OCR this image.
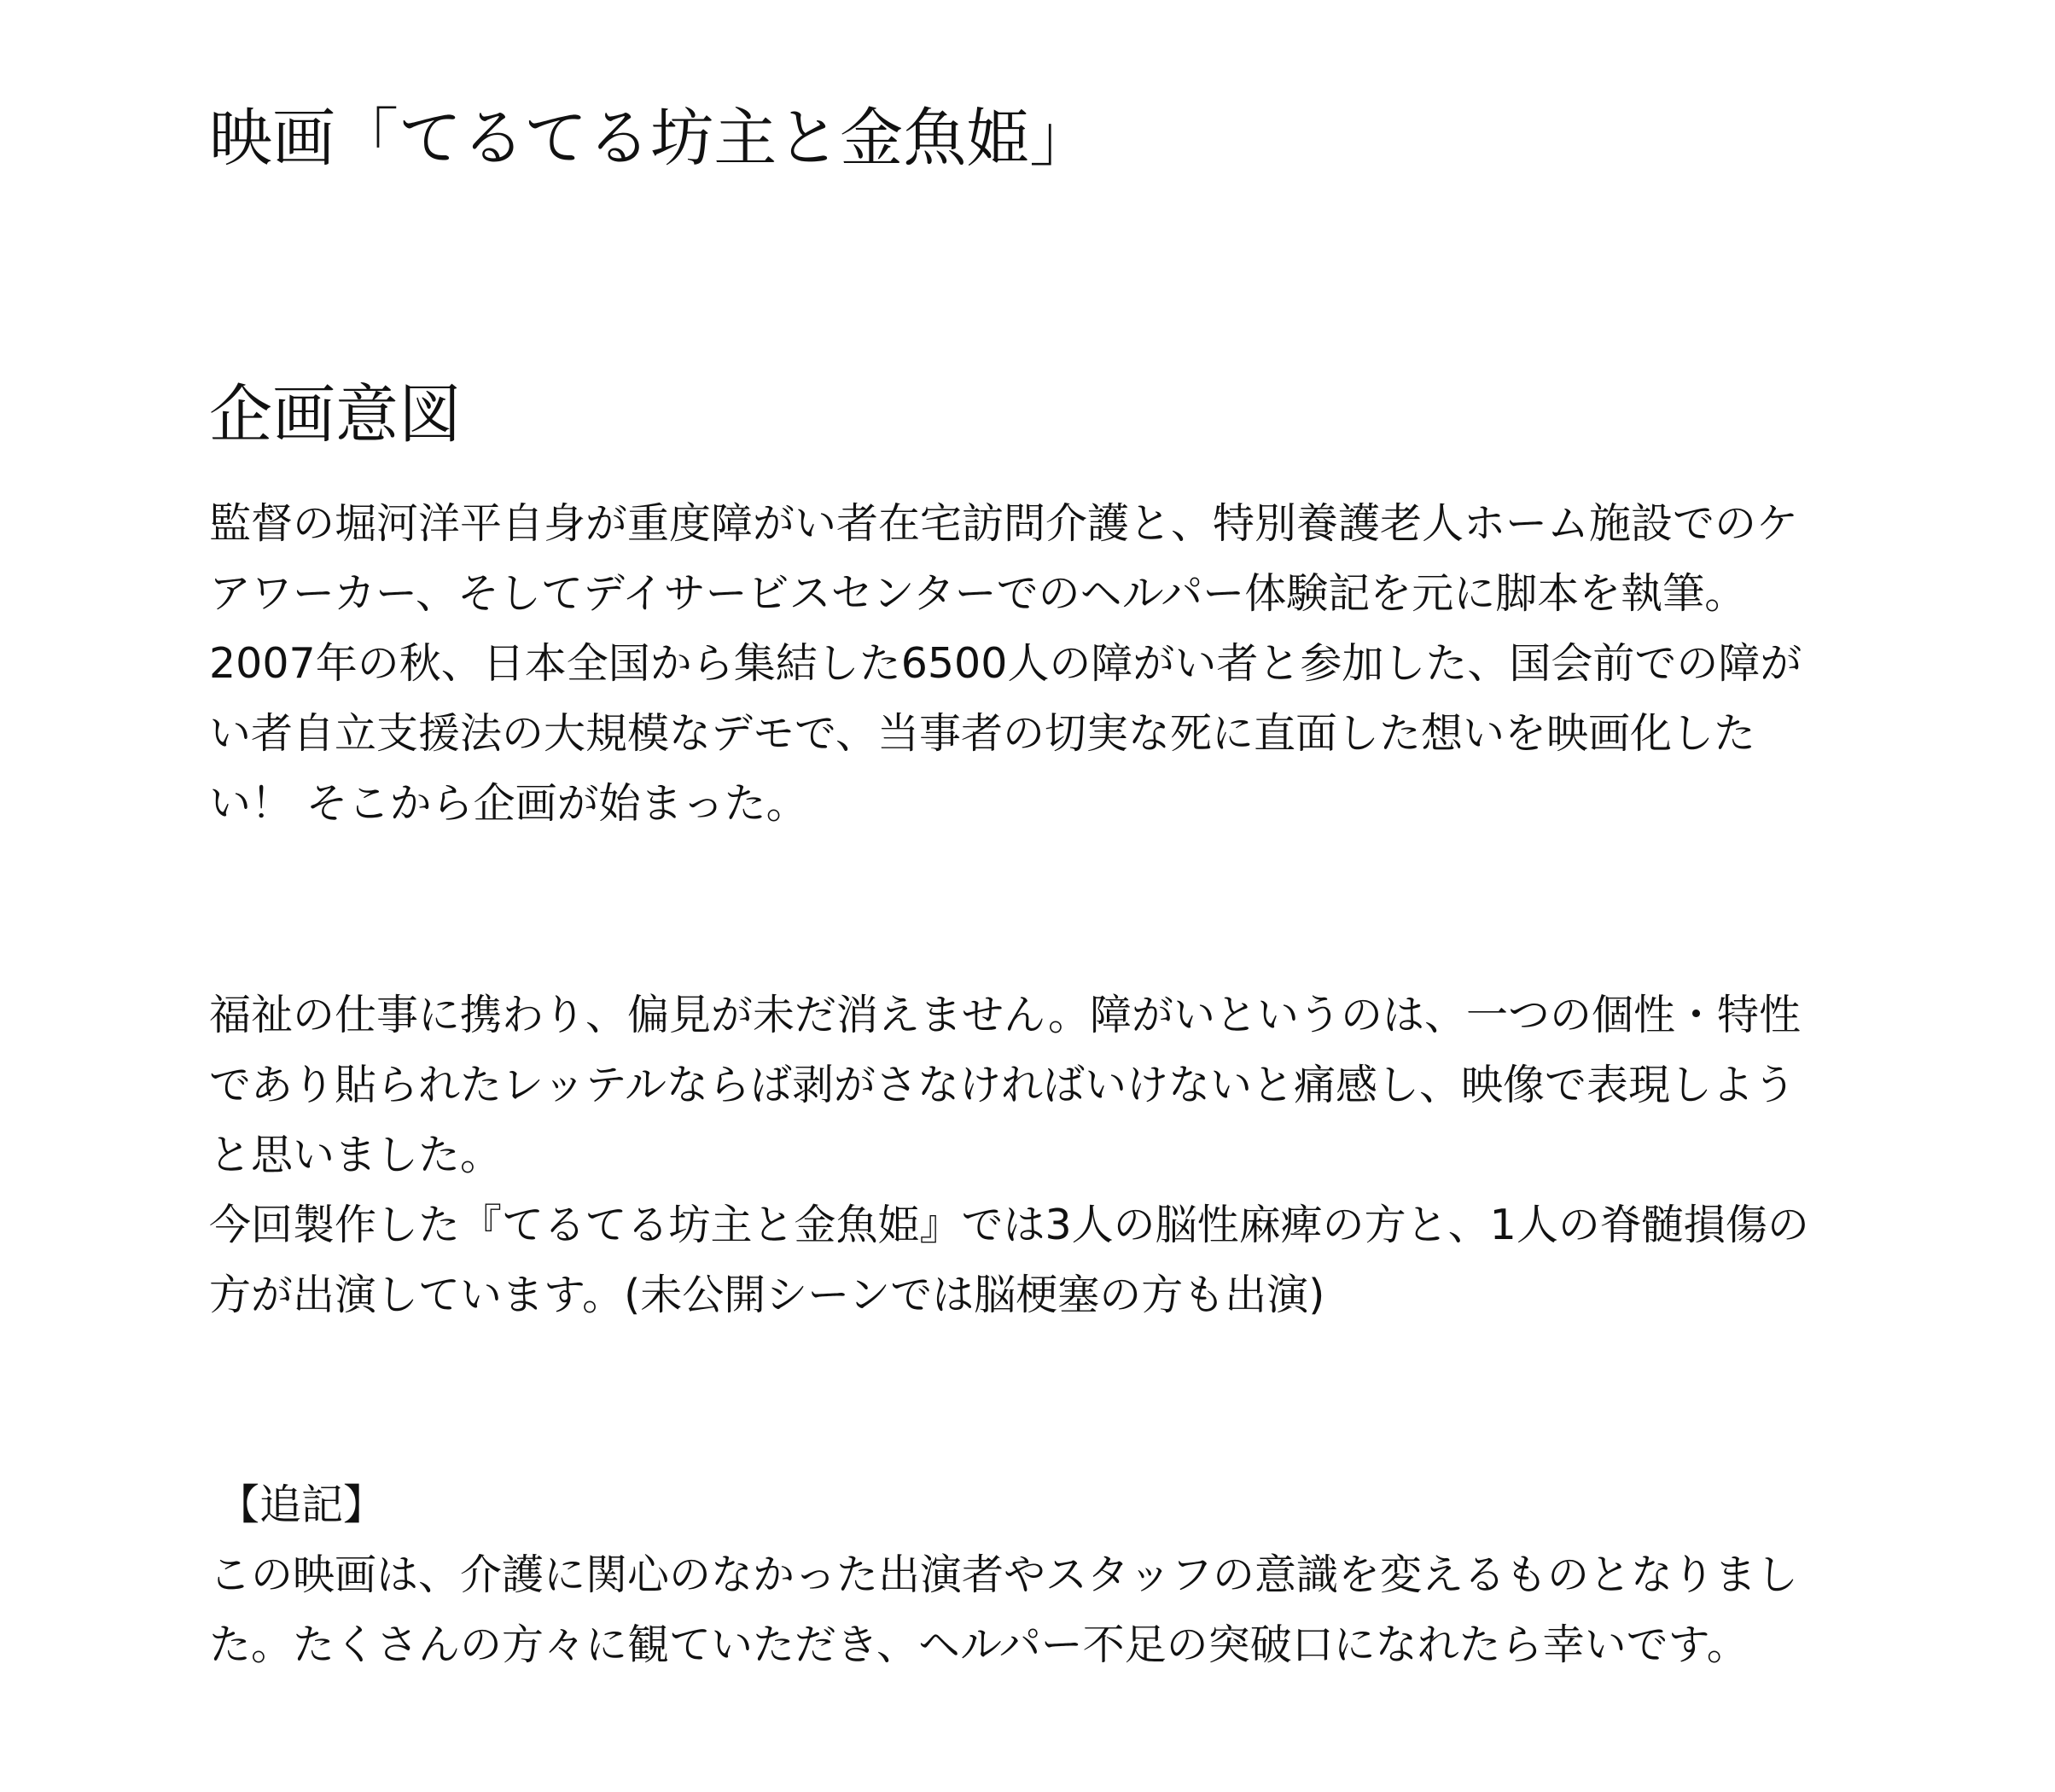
映画「てるてる坊主と金魚姫」
企画意図

監督の堀河洋平自身が重度障がい者在宅訪問介護と、特別養護老人ホーム施設でのケ
アワーカー、そしてデイサービスセンターでのヘルパー体験記を元に脚本を執筆。
2007年の秋、日本全国から集結した6500人の障がい者と参加した、国会前での障が
い者自立支援法の大規模なデモで、当事者の切実な死に直面した想いを映画化した
い！ そこから企画が始まった。

福祉の仕事に携わり、偏見が未だ消えません。障がいというのは、一つの個性・特性
であり貼られたレッテルならば剥がさなければいけないと痛感し、映像で表現しよう
と思いました。
今回製作した『てるてる坊主と金魚姫』では3人の脳性麻痺の方と、1人の脊髄損傷の
方が出演しています。(未公開シーンでは脳梗塞の方も出演)

【追記】
この映画は、介護に関心のなかった出演者やスタッフの意識を変えるものとなりまし
た。たくさんの方々に観ていただき、ヘルパー不足の突破口になれたら幸いです。
